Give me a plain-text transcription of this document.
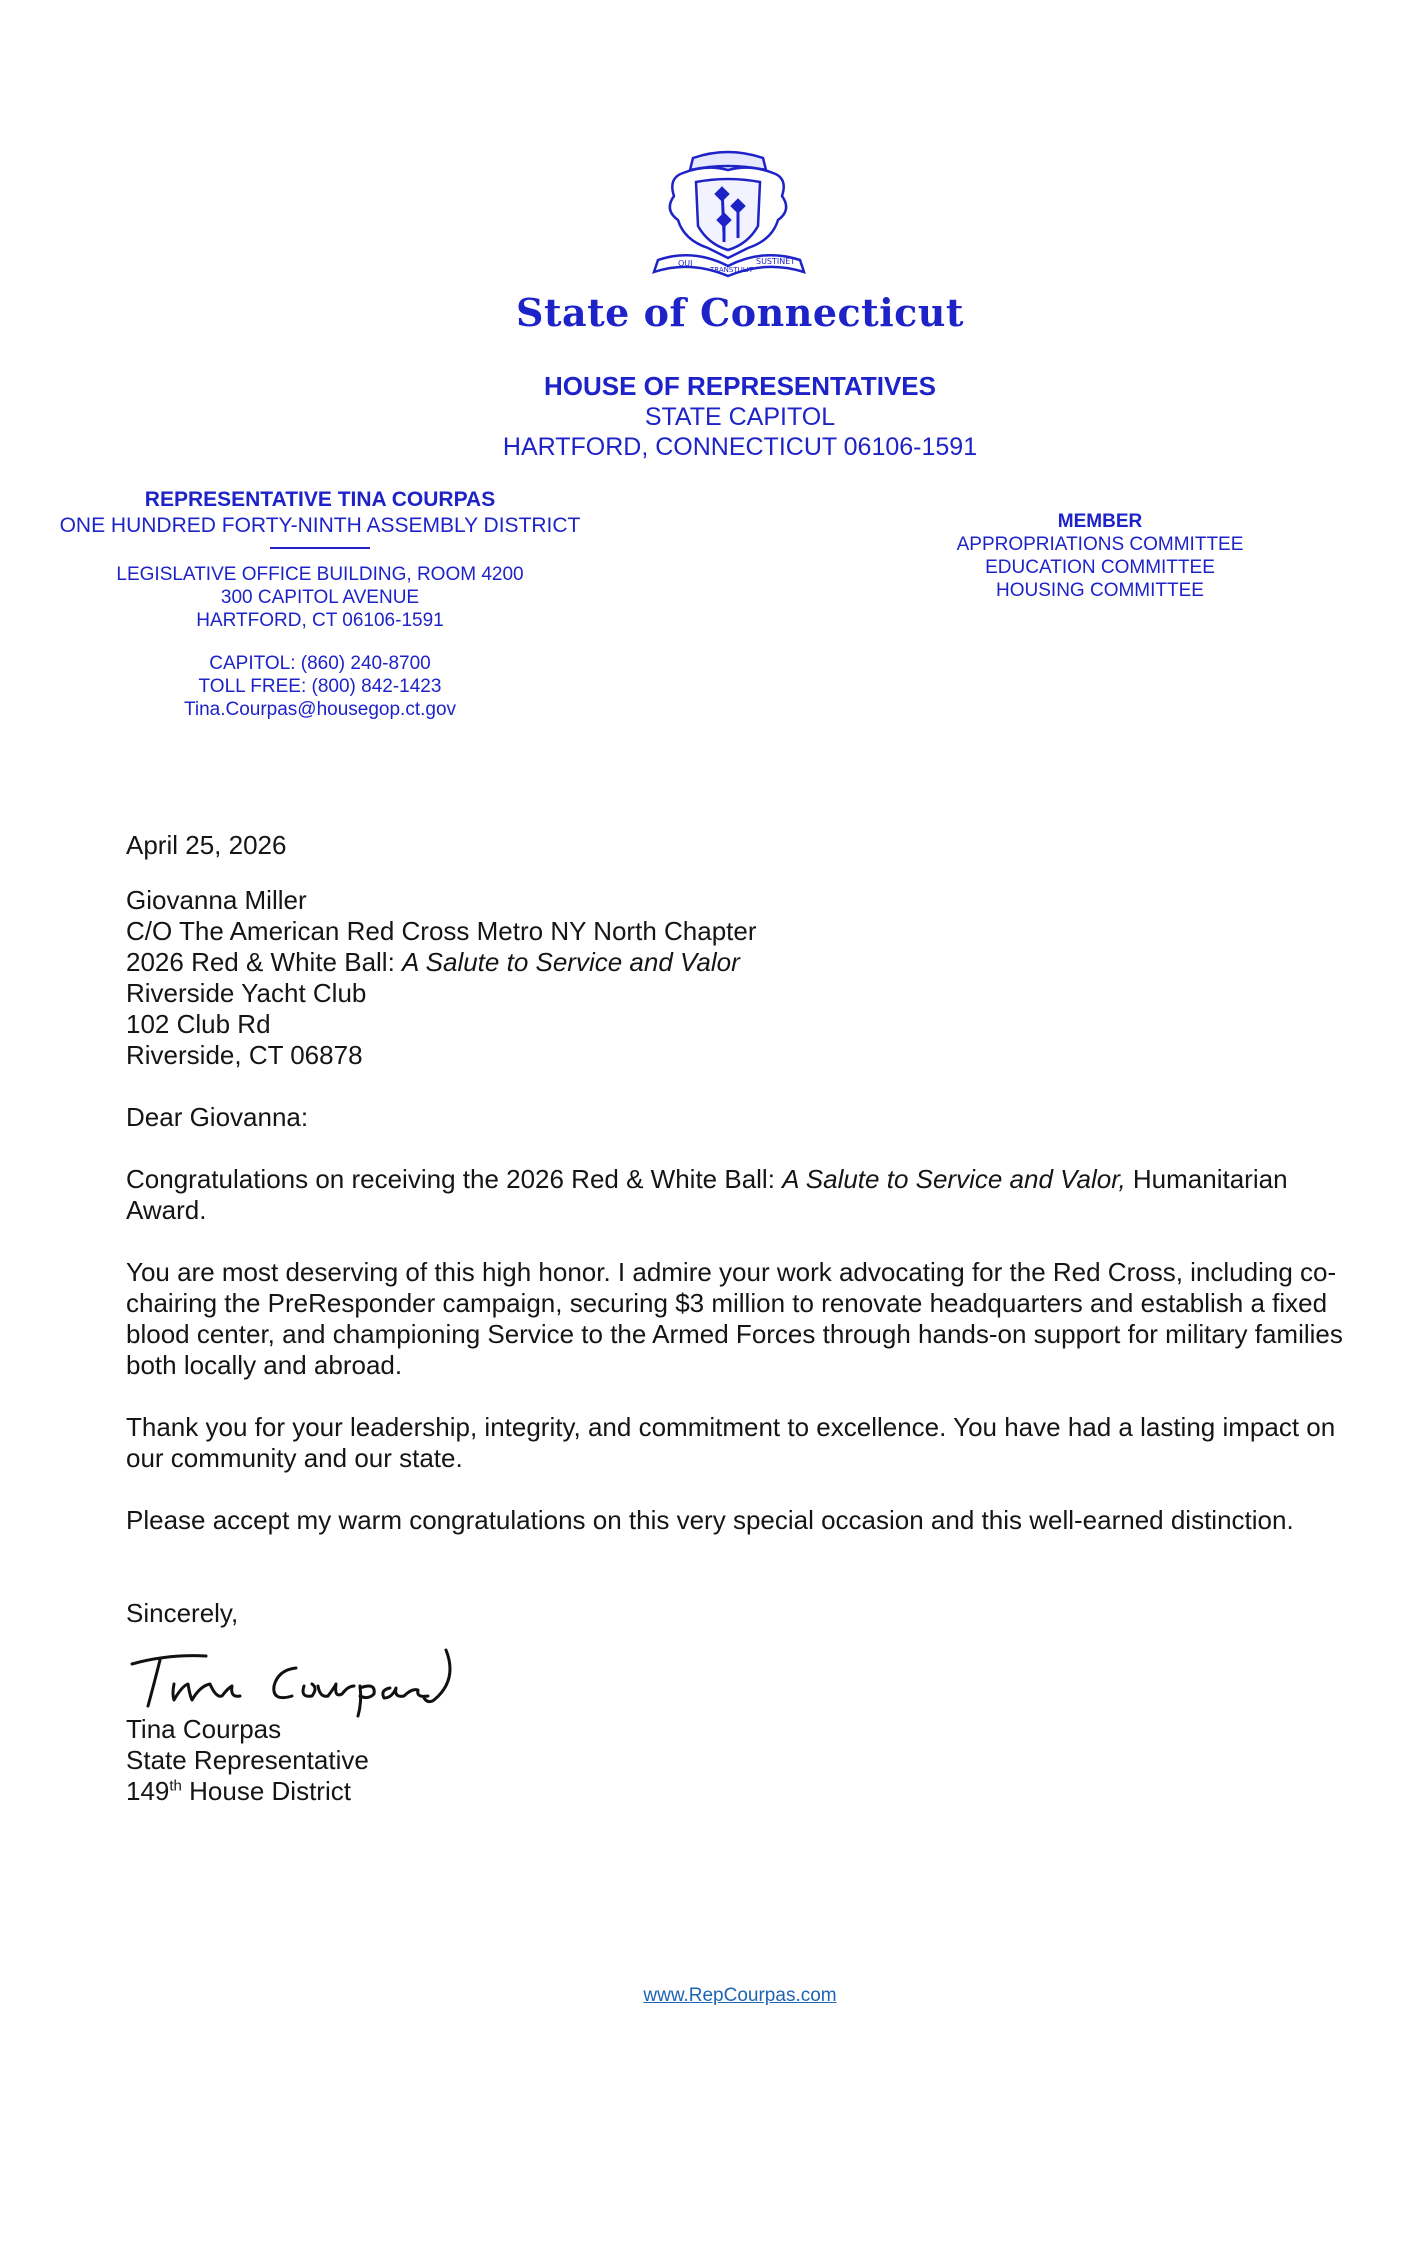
QUI
TRANSTULIT
SUSTINET
State of Connecticut
HOUSE OF REPRESENTATIVES
STATE CAPITOL
HARTFORD, CONNECTICUT 06106-1591
REPRESENTATIVE TINA COURPAS
ONE HUNDRED FORTY-NINTH ASSEMBLY DISTRICT
LEGISLATIVE OFFICE BUILDING, ROOM 4200
300 CAPITOL AVENUE
HARTFORD, CT 06106-1591
CAPITOL: (860) 240-8700
TOLL FREE: (800) 842-1423
Tina.Courpas@housegop.ct.gov
MEMBER
APPROPRIATIONS COMMITTEE
EDUCATION COMMITTEE
HOUSING COMMITTEE

April 25, 2026

Giovanna Miller

C/O The American Red Cross Metro NY North Chapter

2026 Red & White Ball: A Salute to Service and Valor

Riverside Yacht Club

102 Club Rd

Riverside, CT 06878

Dear Giovanna:

Congratulations on receiving the 2026 Red & White Ball: A Salute to Service and Valor, Humanitarian Award.

You are most deserving of this high honor. I admire your work advocating for the Red Cross, including co-chairing the PreResponder campaign, securing $3 million to renovate headquarters and establish a fixed blood center, and championing Service to the Armed Forces through hands-on support for military families both locally and abroad.

Thank you for your leadership, integrity, and commitment to excellence. You have had a lasting impact on our community and our state.

Please accept my warm congratulations on this very special occasion and this well-earned distinction.

Sincerely,

Tina Courpas
State Representative
149th House District
www.RepCourpas.com
